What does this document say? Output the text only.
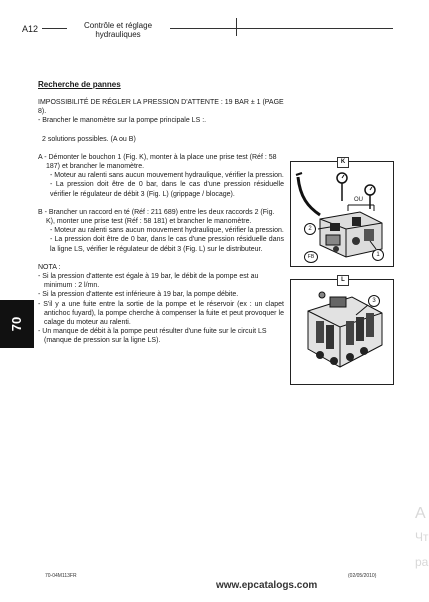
A12	Contrôle et réglage
hydrauliques
Recherche de pannes

IMPOSSIBILITÉ DE RÉGLER LA PRESSION D'ATTENTE : 19 BAR ± 1 (PAGE 8).

- Brancher le manomètre sur la pompe principale LS :.

2 solutions possibles. (A ou B)

A - Démonter le bouchon 1 (Fig. K), monter à la place une prise test (Réf : 58 187) et brancher le manomètre.

- Moteur au ralenti sans aucun mouvement hydraulique, vérifier la pression.

- La pression doit être de 0 bar, dans le cas d'une pression résiduelle vérifier le régulateur de débit 3 (Fig. L) (grippage / blocage).

B - Brancher un raccord en té (Réf : 211 689) entre les deux raccords 2 (Fig. K), monter une prise test (Réf : 58 181) et brancher le manomètre.

- Moteur au ralenti sans aucun mouvement hydraulique, vérifier la pression.

- La pression doit être de 0 bar, dans le cas d'une pression résiduelle dans la ligne LS, vérifier le régulateur de débit 3 (Fig. L) sur le distributeur.

NOTA :

- Si la pression d'attente est égale à 19 bar, le débit de la pompe est au minimum : 2 l/mn.

- Si la pression d'attente est inférieure à 19 bar, la pompe débite.

- S'il y a une fuite entre la sortie de la pompe et le réservoir (ex : un clapet antichoc fuyard), la pompe cherche à compenser la fuite et peut provoquer le calage du moteur au ralenti.

- Un manque de débit à la pompe peut résulter d'une fuite sur le circuit LS (manque de pression sur la ligne LS).

K
OU
2
1
FB
L
3
70
70-04M113FR	(02/05/2010)
www.epcatalogs.com
A
Чт
ра
